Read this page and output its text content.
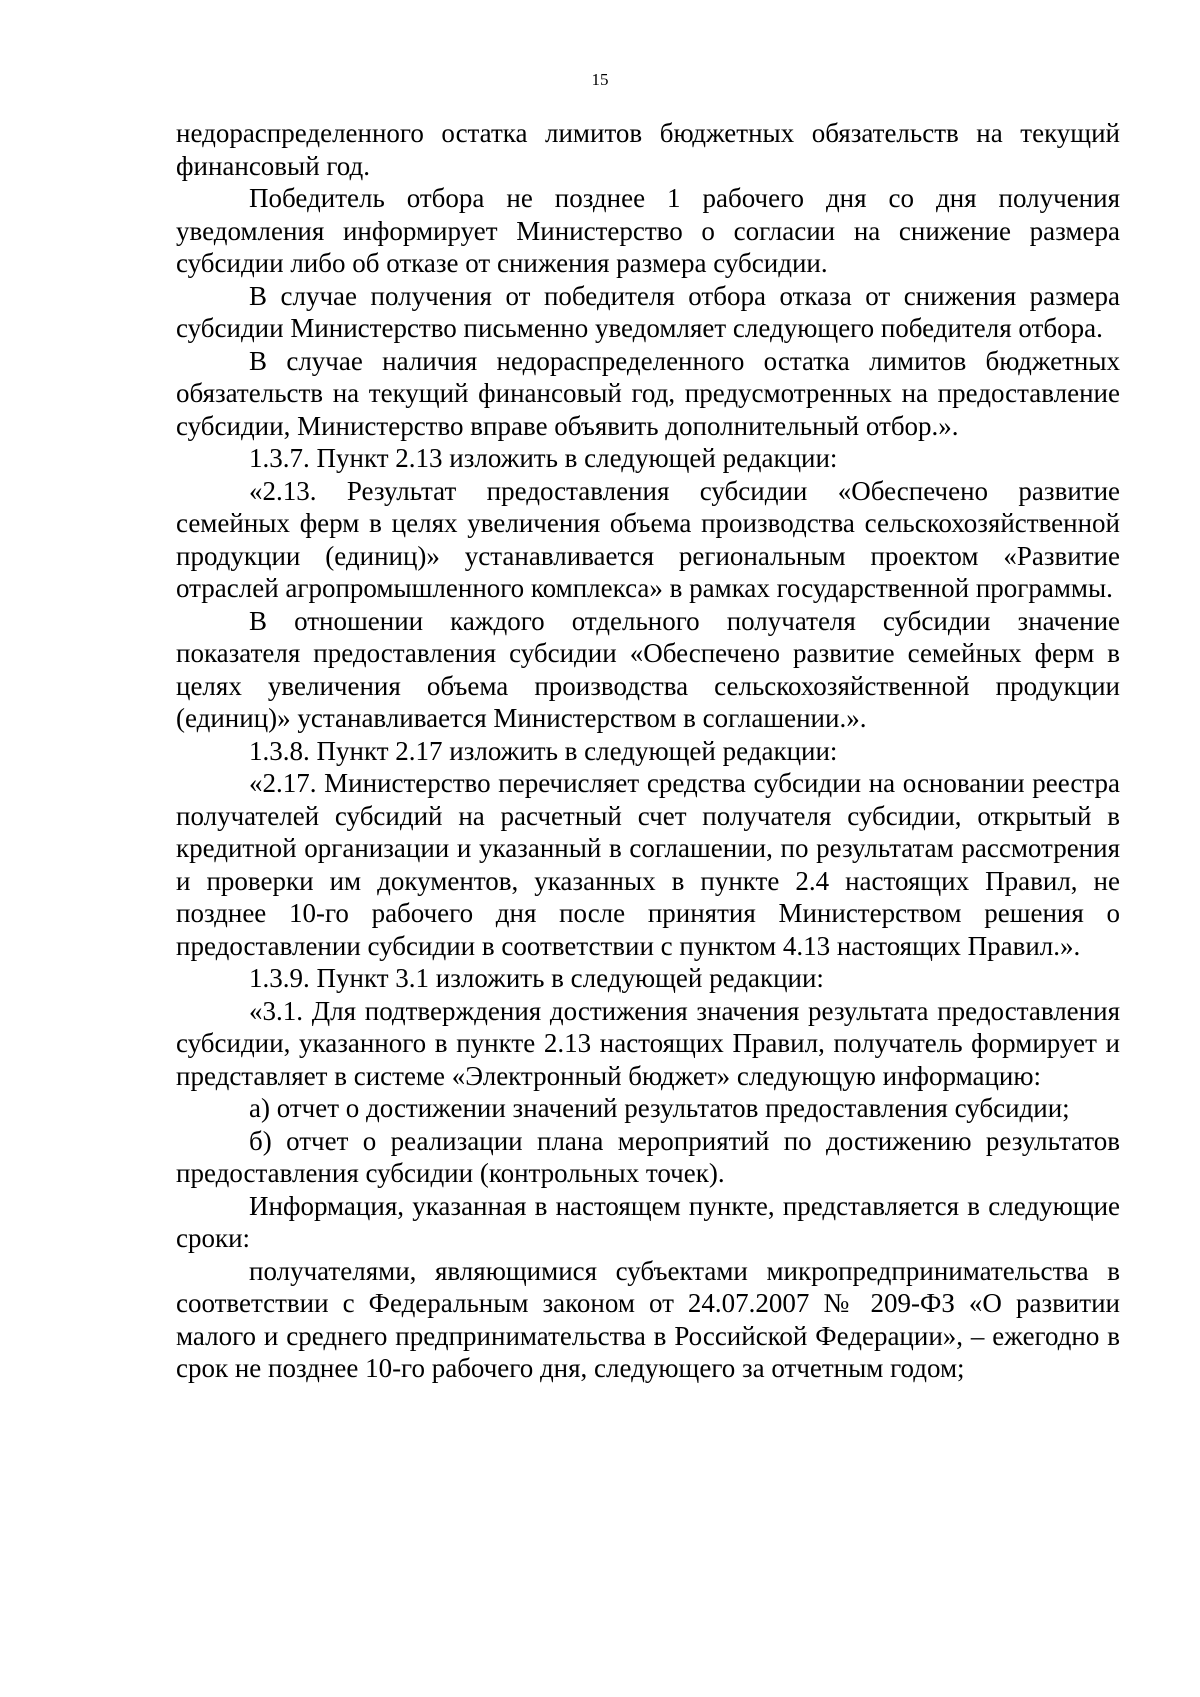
15

недораспределенного остатка лимитов бюджетных обязательств на текущий финансовый год.

Победитель отбора не позднее 1 рабочего дня со дня получения уведомления информирует Министерство о согласии на снижение размера субсидии либо об отказе от снижения размера субсидии.

В случае получения от победителя отбора отказа от снижения размера субсидии Министерство письменно уведомляет следующего победителя отбора.

В случае наличия недораспределенного остатка лимитов бюджетных обязательств на текущий финансовый год, предусмотренных на предоставление субсидии, Министерство вправе объявить дополнительный отбор.».

1.3.7. Пункт 2.13 изложить в следующей редакции:

«2.13. Результат предоставления субсидии «Обеспечено развитие семейных ферм в целях увеличения объема производства сельскохозяйственной продукции (единиц)» устанавливается региональным проектом «Развитие отраслей агропромышленного комплекса» в рамках государственной программы.

В отношении каждого отдельного получателя субсидии значение показателя предоставления субсидии «Обеспечено развитие семейных ферм в целях увеличения объема производства сельскохозяйственной продукции (единиц)» устанавливается Министерством в соглашении.».

1.3.8. Пункт 2.17 изложить в следующей редакции:

«2.17. Министерство перечисляет средства субсидии на основании реестра получателей субсидий на расчетный счет получателя субсидии, открытый в кредитной организации и указанный в соглашении, по результатам рассмотрения и проверки им документов, указанных в пункте 2.4 настоящих Правил, не позднее 10-го рабочего дня после принятия Министерством решения о предоставлении субсидии в соответствии с пунктом 4.13 настоящих Правил.».

1.3.9. Пункт 3.1 изложить в следующей редакции:

«3.1. Для подтверждения достижения значения результата предоставления субсидии, указанного в пункте 2.13 настоящих Правил, получатель формирует и представляет в системе «Электронный бюджет» следующую информацию:

а) отчет о достижении значений результатов предоставления субсидии;

б) отчет о реализации плана мероприятий по достижению результатов предоставления субсидии (контрольных точек).

Информация, указанная в настоящем пункте, представляется в следующие сроки:

получателями, являющимися субъектами микропредпринимательства в соответствии с Федеральным законом от 24.07.2007 № 209-ФЗ «О развитии малого и среднего предпринимательства в Российской Федерации», – ежегодно в срок не позднее 10-го рабочего дня, следующего за отчетным годом;
